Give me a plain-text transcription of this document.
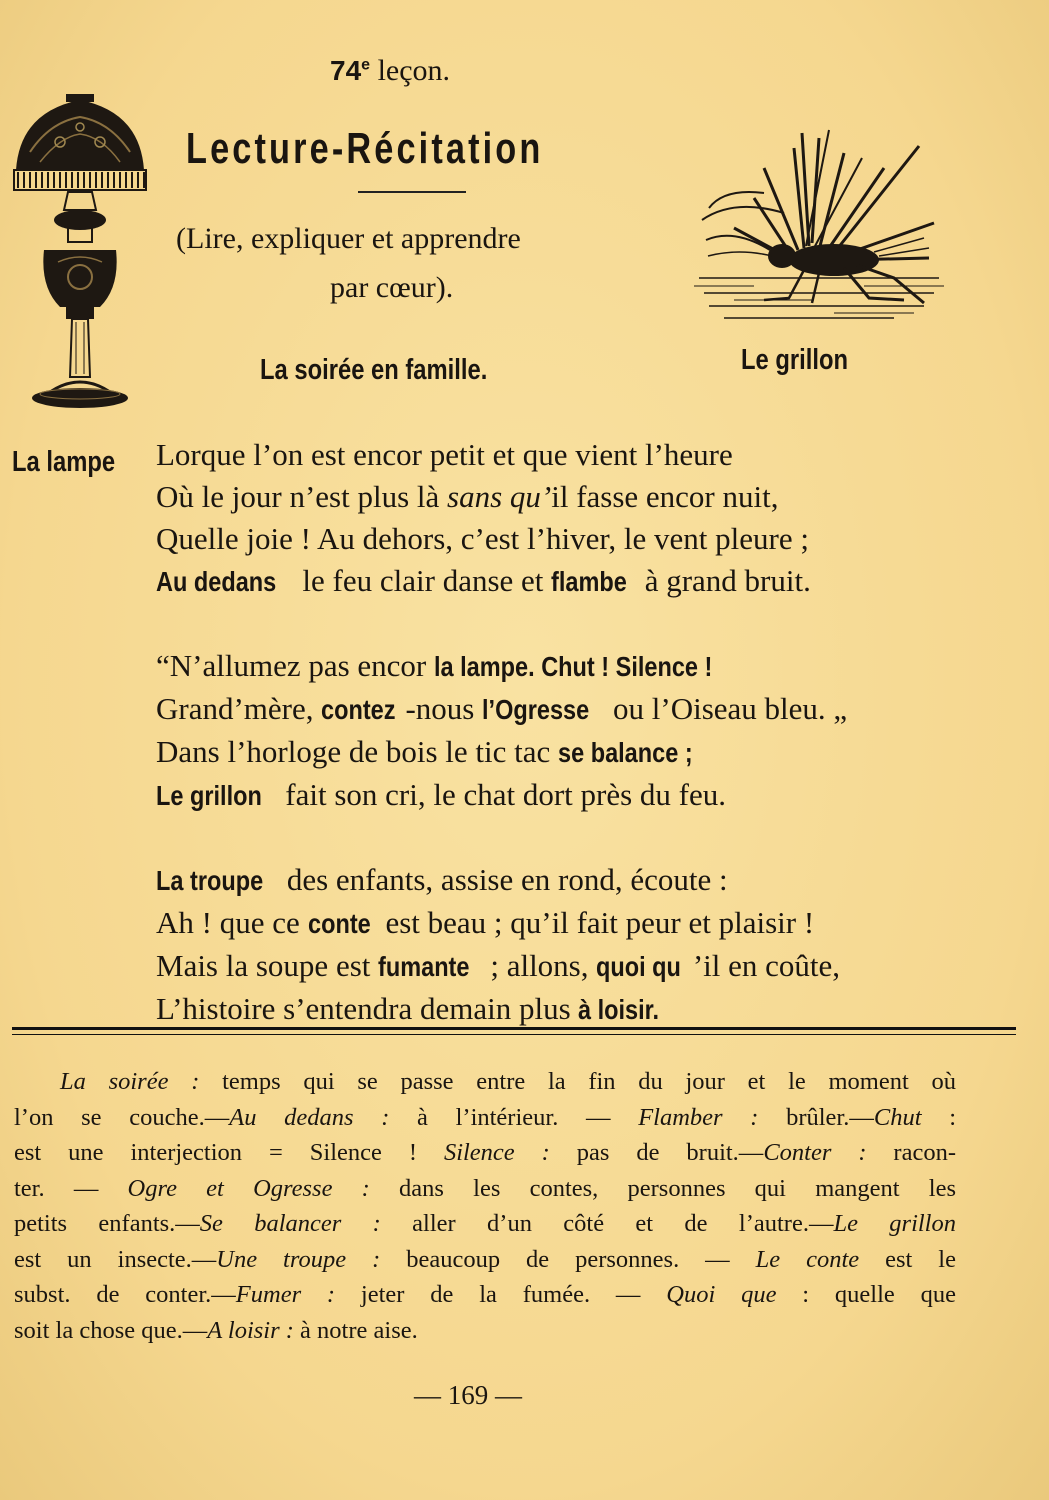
74e leçon.
Lecture-Récitation
(Lire, expliquer et apprendre
par cœur).
La soirée en famille.
La lampe
Le grillon
Lorque l’on est encor petit et que vient l’heure
Où le jour n’est plus là sans qu’il fasse encor nuit,
Quelle joie ! Au dehors, c’est l’hiver, le vent pleure ;
Au dedans le feu clair danse et flambe à grand bruit.
“N’allumez pas encor la lampe. Chut ! Silence !
Grand’mère, contez -nous l’Ogresse ou l’Oiseau bleu. „
Dans l’horloge de bois le tic tac se balance ;
Le grillon fait son cri, le chat dort près du feu.
La troupe des enfants, assise en rond, écoute :
Ah ! que ce conte est beau ; qu’il fait peur et plaisir !
Mais la soupe est fumante ; allons, quoi qu ’il en coûte,
L’histoire s’entendra demain plus à loisir.
La soirée : temps qui se passe entre la fin du jour et le moment où
l’on se couche.—Au dedans : à l’intérieur. — Flamber : brûler.—Chut :
est une interjection = Silence ! Silence : pas de bruit.—Conter : racon-
ter. — Ogre et Ogresse : dans les contes, personnes qui mangent les
petits enfants.—Se balancer : aller d’un côté et de l’autre.—Le grillon
est un insecte.—Une troupe : beaucoup de personnes. — Le conte est le
subst. de conter.—Fumer : jeter de la fumée. — Quoi que : quelle que
soit la chose que.—A loisir : à notre aise.
— 169 —
